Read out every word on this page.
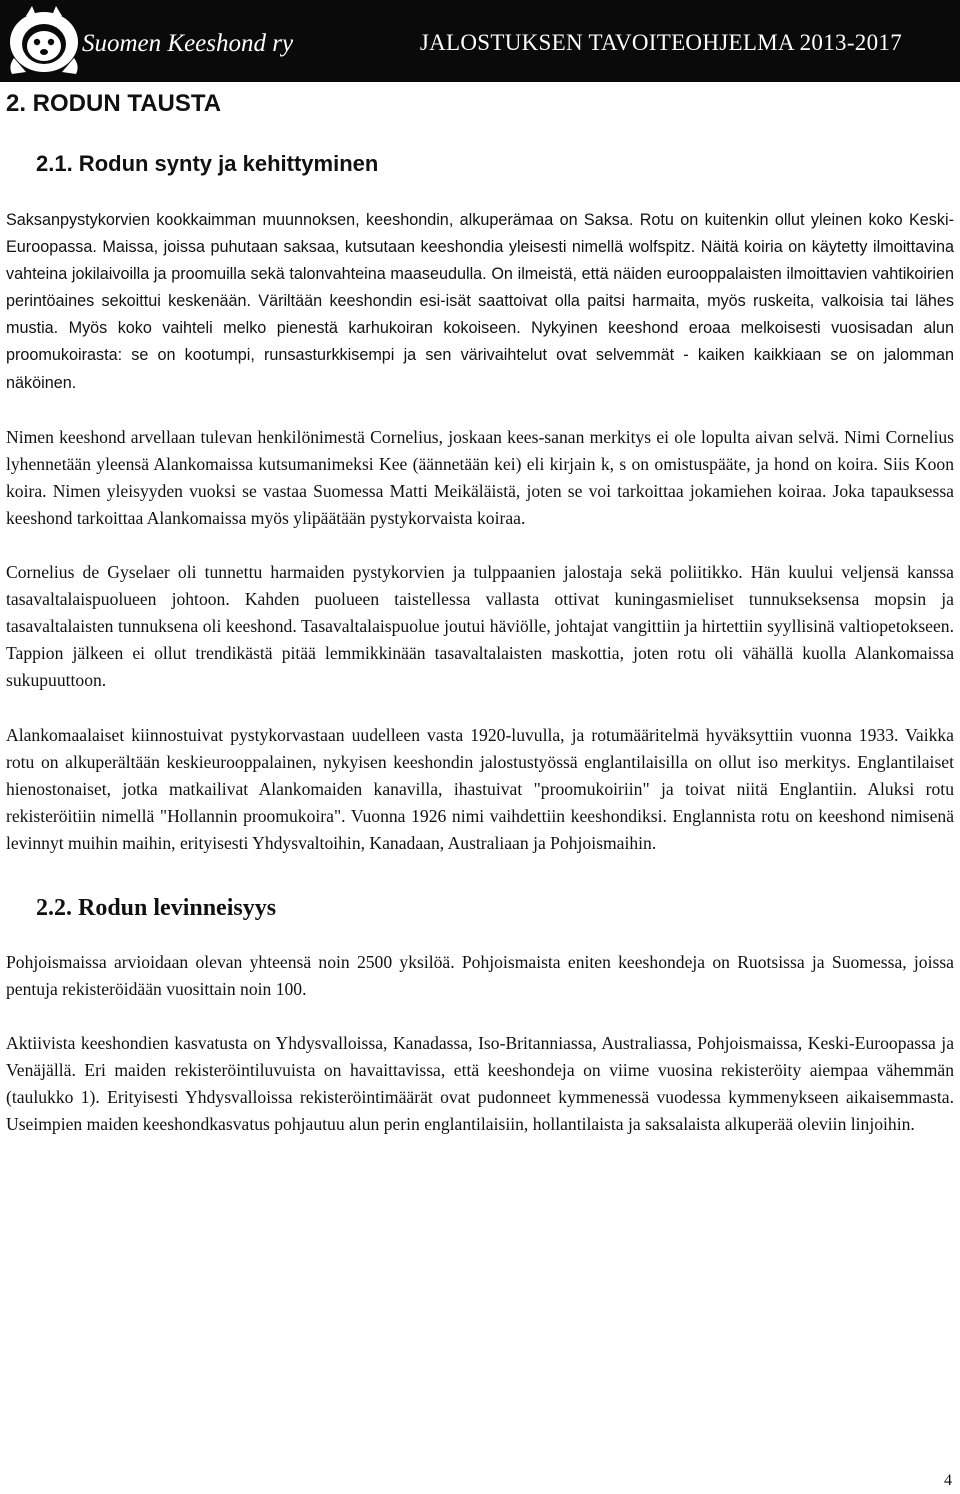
Suomen Keeshond ry	JALOSTUKSEN TAVOITEOHJELMA 2013-2017
2. RODUN TAUSTA
2.1. Rodun synty ja kehittyminen

Saksanpystykorvien kookkaimman muunnoksen, keeshondin, alkuperämaa on Saksa. Rotu on kuitenkin ollut yleinen koko Keski-Euroopassa. Maissa, joissa puhutaan saksaa, kutsutaan keeshondia yleisesti nimellä wolfspitz. Näitä koiria on käytetty ilmoittavina vahteina jokilaivoilla ja proomuilla sekä talonvahteina maaseudulla. On ilmeistä, että näiden eurooppalaisten ilmoittavien vahtikoirien perintöaines sekoittui keskenään. Väriltään keeshondin esi-isät saattoivat olla paitsi harmaita, myös ruskeita, valkoisia tai lähes mustia. Myös koko vaihteli melko pienestä karhukoiran kokoiseen. Nykyinen keeshond eroaa melkoisesti vuosisadan alun proomukoirasta: se on kootumpi, runsasturkkisempi ja sen värivaihtelut ovat selvemmät - kaiken kaikkiaan se on jalomman näköinen.

Nimen keeshond arvellaan tulevan henkilönimestä Cornelius, joskaan kees-sanan merkitys ei ole lopulta aivan selvä. Nimi Cornelius lyhennetään yleensä Alankomaissa kutsumanimeksi Kee (äännetään kei) eli kirjain k, s on omistuspääte, ja hond on koira. Siis Koon koira. Nimen yleisyyden vuoksi se vastaa Suomessa Matti Meikäläistä, joten se voi tarkoittaa jokamiehen koiraa. Joka tapauksessa keeshond tarkoittaa Alankomaissa myös ylipäätään pystykorvaista koiraa.

Cornelius de Gyselaer oli tunnettu harmaiden pystykorvien ja tulppaanien jalostaja sekä poliitikko. Hän kuului veljensä kanssa tasavaltalaispuolueen johtoon. Kahden puolueen taistellessa vallasta ottivat kuningasmieliset tunnukseksensa mopsin ja tasavaltalaisten tunnuksena oli keeshond. Tasavaltalaispuolue joutui häviölle, johtajat vangittiin ja hirtettiin syyllisinä valtiopetokseen. Tappion jälkeen ei ollut trendikästä pitää lemmikkinään tasavaltalaisten maskottia, joten rotu oli vähällä kuolla Alankomaissa sukupuuttoon.

Alankomaalaiset kiinnostuivat pystykorvastaan uudelleen vasta 1920-luvulla, ja rotumääritelmä hyväksyttiin vuonna 1933. Vaikka rotu on alkuperältään keskieurooppalainen, nykyisen keeshondin jalostustyössä englantilaisilla on ollut iso merkitys. Englantilaiset hienostonaiset, jotka matkailivat Alankomaiden kanavilla, ihastuivat "proomukoiriin" ja toivat niitä Englantiin. Aluksi rotu rekisteröitiin nimellä "Hollannin proomukoira". Vuonna 1926 nimi vaihdettiin keeshondiksi. Englannista rotu on keeshond nimisenä levinnyt muihin maihin, erityisesti Yhdysvaltoihin, Kanadaan, Australiaan ja Pohjoismaihin.

2.2. Rodun levinneisyys

Pohjoismaissa arvioidaan olevan yhteensä noin 2500 yksilöä. Pohjoismaista eniten keeshondeja on Ruotsissa ja Suomessa, joissa pentuja rekisteröidään vuosittain noin 100.

Aktiivista keeshondien kasvatusta on Yhdysvalloissa, Kanadassa, Iso-Britanniassa, Australiassa, Pohjoismaissa, Keski-Euroopassa ja Venäjällä. Eri maiden rekisteröintiluvuista on havaittavissa, että keeshondeja on viime vuosina rekisteröity aiempaa vähemmän (taulukko 1). Erityisesti Yhdysvalloissa rekisteröintimäärät ovat pudonneet kymmenessä vuodessa kymmenykseen aikaisemmasta. Useimpien maiden keeshondkasvatus pohjautuu alun perin englantilaisiin, hollantilaista ja saksalaista alkuperää oleviin linjoihin.

4
